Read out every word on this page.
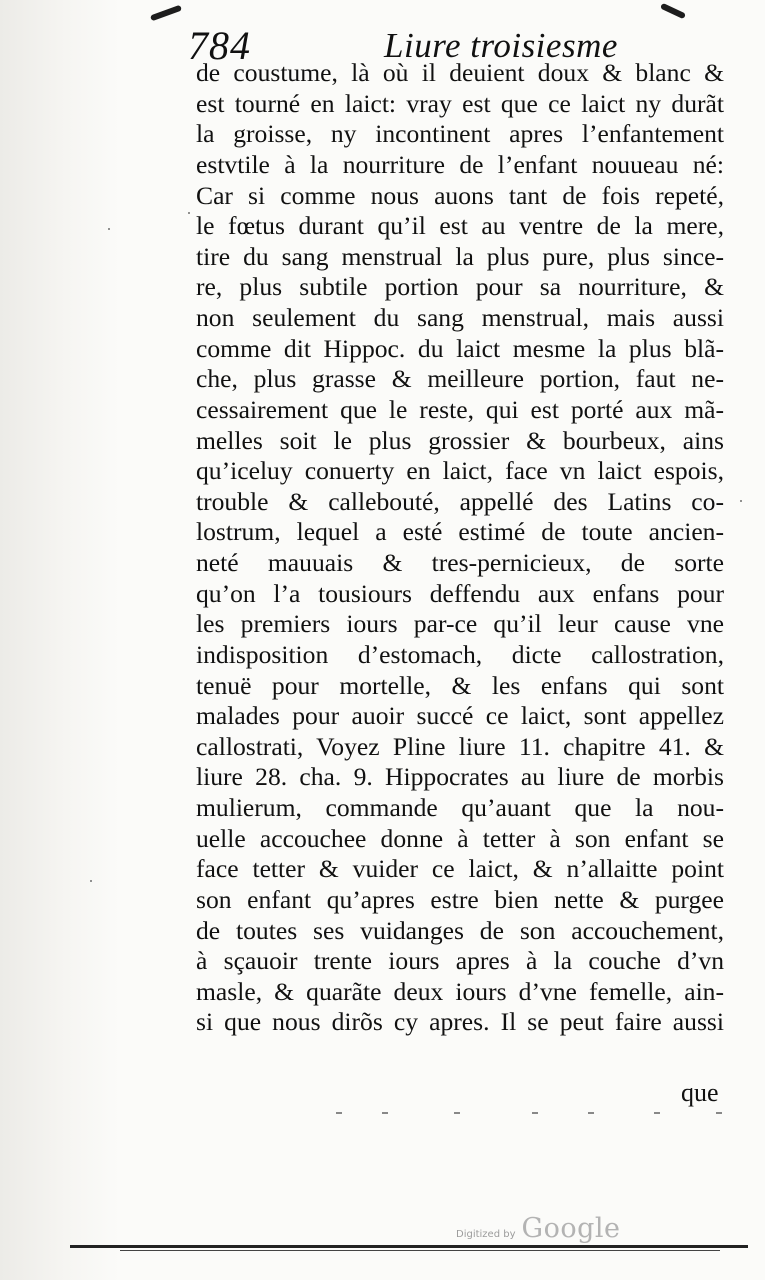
784	Liure troisiesme
de coustume, là où il deuient doux & blanc &
est tourné en laict: vray est que ce laict ny durãt
la groisse, ny incontinent apres l’enfantement
estvtile à la nourriture de l’enfant nouueau né:
Car si comme nous auons tant de fois repeté,
le fœtus durant qu’il est au ventre de la mere,
tire du sang menstrual la plus pure, plus since-
re, plus subtile portion pour sa nourriture, &
non seulement du sang menstrual, mais aussi
comme dit Hippoc. du laict mesme la plus blã-
che, plus grasse & meilleure portion, faut ne-
cessairement que le reste, qui est porté aux mã-
melles soit le plus grossier & bourbeux, ains
qu’iceluy conuerty en laict, face vn laict espois,
trouble & callebouté, appellé des Latins co-
lostrum, lequel a esté estimé de toute ancien-
neté mauuais & tres-pernicieux, de sorte
qu’on l’a tousiours deffendu aux enfans pour
les premiers iours par-ce qu’il leur cause vne
indisposition d’estomach, dicte callostration,
tenuë pour mortelle, & les enfans qui sont
malades pour auoir succé ce laict, sont appellez
callostrati, Voyez Pline liure 11. chapitre 41. &
liure 28. cha. 9. Hippocrates au liure de morbis
mulierum, commande qu’auant que la nou-
uelle accouchee donne à tetter à son enfant se
face tetter & vuider ce laict, & n’allaitte point
son enfant qu’apres estre bien nette & purgee
de toutes ses vuidanges de son accouchement,
à sçauoir trente iours apres à la couche d’vn
masle, & quarãte deux iours d’vne femelle, ain-
si que nous dirõs cy apres. Il se peut faire aussi
que
Digitized by Google
